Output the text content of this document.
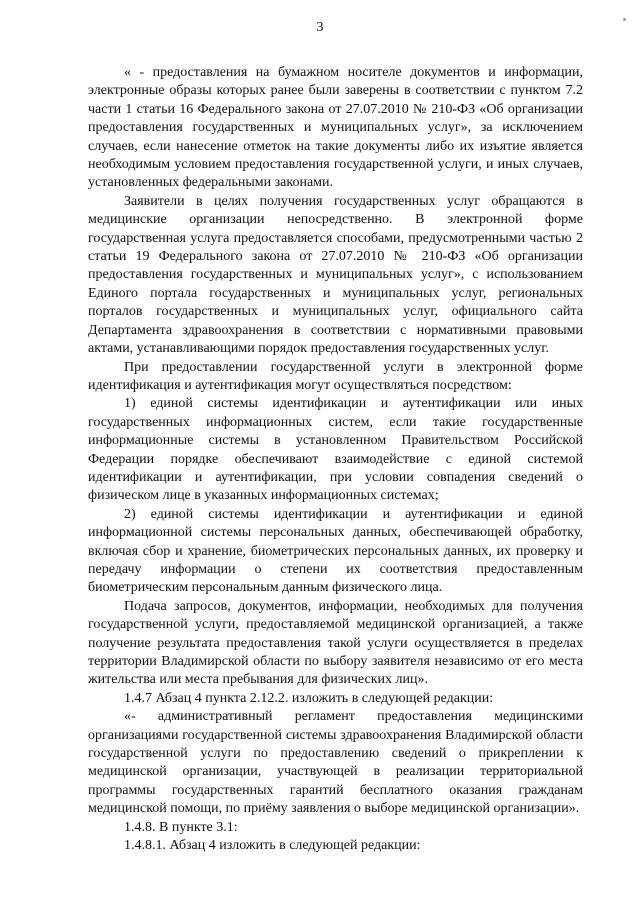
3

« - предоставления на бумажном носителе документов и информации, электронные образы которых ранее были заверены в соответствии с пунктом 7.2 части 1 статьи 16 Федерального закона от 27.07.2010 № 210-ФЗ «Об организации предоставления государственных и муниципальных услуг», за исключением случаев, если нанесение отметок на такие документы либо их изъятие является необходимым условием предоставления государственной услуги, и иных случаев, установленных федеральными законами.

Заявители в целях получения государственных услуг обращаются в медицинские организации непосредственно. В электронной форме государственная услуга предоставляется способами, предусмотренными частью 2 статьи 19 Федерального закона от 27.07.2010 № 210-ФЗ «Об организации предоставления государственных и муниципальных услуг», с использованием Единого портала государственных и муниципальных услуг, региональных порталов государственных и муниципальных услуг, официального сайта Департамента здравоохранения в соответствии с нормативными правовыми актами, устанавливающими порядок предоставления государственных услуг.

При предоставлении государственной услуги в электронной форме идентификация и аутентификация могут осуществляться посредством:

1) единой системы идентификации и аутентификации или иных государственных информационных систем, если такие государственные информационные системы в установленном Правительством Российской Федерации порядке обеспечивают взаимодействие с единой системой идентификации и аутентификации, при условии совпадения сведений о физическом лице в указанных информационных системах;

2) единой системы идентификации и аутентификации и единой информационной системы персональных данных, обеспечивающей обработку, включая сбор и хранение, биометрических персональных данных, их проверку и передачу информации о степени их соответствия предоставленным биометрическим персональным данным физического лица.

Подача запросов, документов, информации, необходимых для получения государственной услуги, предоставляемой медицинской организацией, а также получение результата предоставления такой услуги осуществляется в пределах территории Владимирской области по выбору заявителя независимо от его места жительства или места пребывания для физических лиц».

1.4.7 Абзац 4 пункта 2.12.2. изложить в следующей редакции:

«- административный регламент предоставления медицинскими организациями государственной системы здравоохранения Владимирской области государственной услуги по предоставлению сведений о прикреплении к медицинской организации, участвующей в реализации территориальной программы государственных гарантий бесплатного оказания гражданам медицинской помощи, по приёму заявления о выборе медицинской организации».

1.4.8. В пункте 3.1:

1.4.8.1. Абзац 4 изложить в следующей редакции:
